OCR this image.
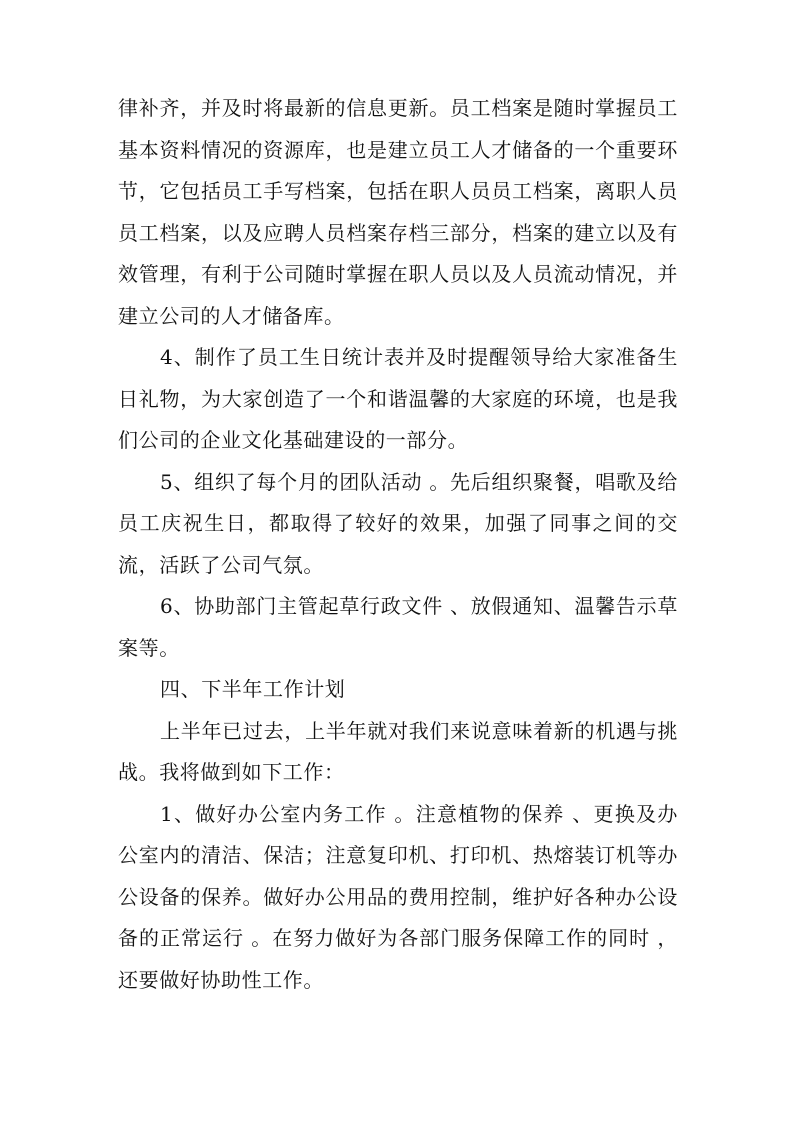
律补齐，并及时将最新的信息更新。员工档案是随时掌握员工基本资料情况的资源库，也是建立员工人才储备的一个重要环节，它包括员工手写档案，包括在职人员员工档案，离职人员员工档案，以及应聘人员档案存档三部分，档案的建立以及有效管理，有利于公司随时掌握在职人员以及人员流动情况，并建立公司的人才储备库。

4、制作了员工生日统计表并及时提醒领导给大家准备生日礼物，为大家创造了一个和谐温馨的大家庭的环境，也是我们公司的企业文化基础建设的一部分。

5、组织了每个月的团队活动 。先后组织聚餐，唱歌及给员工庆祝生日，都取得了较好的效果，加强了同事之间的交流，活跃了公司气氛。

6、协助部门主管起草行政文件 、放假通知、温馨告示草案等。

四、下半年工作计划

上半年已过去，上半年就对我们来说意味着新的机遇与挑战。我将做到如下工作：

1、做好办公室内务工作 。注意植物的保养 、更换及办公室内的清洁、保洁；注意复印机、打印机、热熔装订机等办公设备的保养。做好办公用品的费用控制，维护好各种办公设备的正常运行 。在努力做好为各部门服务保障工作的同时 ，还要做好协助性工作。
